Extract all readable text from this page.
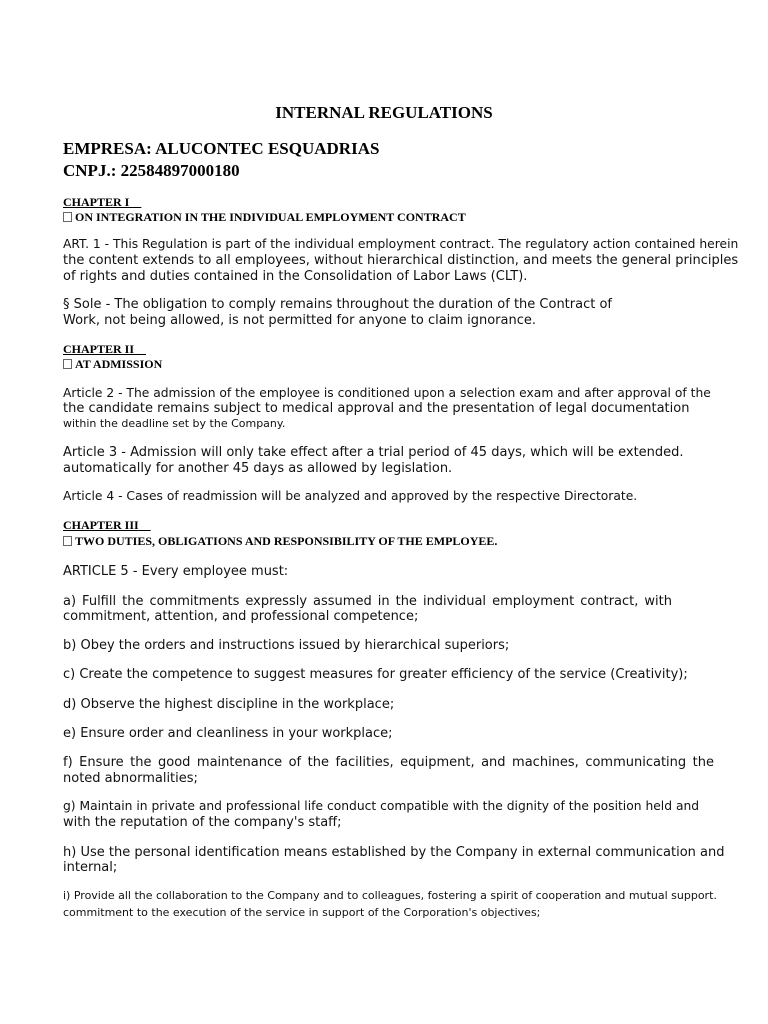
INTERNAL REGULATIONS
EMPRESA: ALUCONTEC ESQUADRIAS
CNPJ.: 22584897000180
CHAPTER I
ON INTEGRATION IN THE INDIVIDUAL EMPLOYMENT CONTRACT
ART. 1 - This Regulation is part of the individual employment contract. The regulatory action contained herein
the content extends to all employees, without hierarchical distinction, and meets the general principles
of rights and duties contained in the Consolidation of Labor Laws (CLT).
§ Sole - The obligation to comply remains throughout the duration of the Contract of
Work, not being allowed, is not permitted for anyone to claim ignorance.
CHAPTER II
AT ADMISSION
Article 2 - The admission of the employee is conditioned upon a selection exam and after approval of the
the candidate remains subject to medical approval and the presentation of legal documentation
within the deadline set by the Company.
Article 3 - Admission will only take effect after a trial period of 45 days, which will be extended.
automatically for another 45 days as allowed by legislation.
Article 4 - Cases of readmission will be analyzed and approved by the respective Directorate.
CHAPTER III
TWO DUTIES, OBLIGATIONS AND RESPONSIBILITY OF THE EMPLOYEE.
ARTICLE 5 - Every employee must:
a) Fulfill the commitments expressly assumed in the individual employment contract, with
commitment, attention, and professional competence;
b) Obey the orders and instructions issued by hierarchical superiors;
c) Create the competence to suggest measures for greater efficiency of the service (Creativity);
d) Observe the highest discipline in the workplace;
e) Ensure order and cleanliness in your workplace;
f) Ensure the good maintenance of the facilities, equipment, and machines, communicating the
noted abnormalities;
g) Maintain in private and professional life conduct compatible with the dignity of the position held and
with the reputation of the company's staff;
h) Use the personal identification means established by the Company in external communication and
internal;
i) Provide all the collaboration to the Company and to colleagues, fostering a spirit of cooperation and mutual support.
commitment to the execution of the service in support of the Corporation's objectives;
